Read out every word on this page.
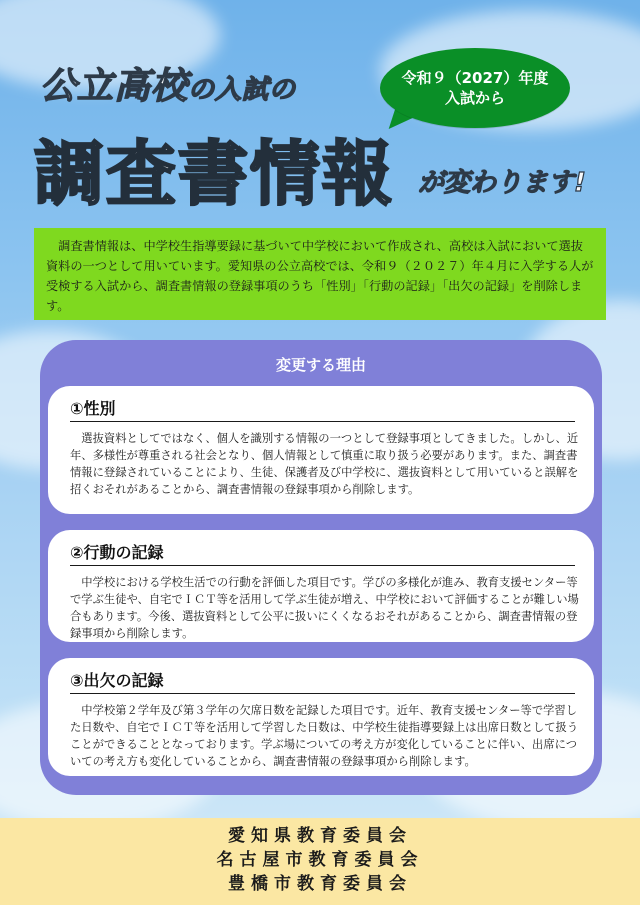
公立高校の入試の
調査書情報 が変わります!
令和９（2027）年度
入試から
　調査書情報は、中学校生指導要録に基づいて中学校において作成され、高校は入試において選抜資料の一つとして用いています。愛知県の公立高校では、令和９（２０２７）年４月に入学する人が受検する入試から、調査書情報の登録事項のうち「性別」「行動の記録」「出欠の記録」を削除します。
変更する理由
①性別
　選抜資料としてではなく、個人を識別する情報の一つとして登録事項としてきました。しかし、近年、多様性が尊重される社会となり、個人情報として慎重に取り扱う必要があります。また、調査書情報に登録されていることにより、生徒、保護者及び中学校に、選抜資料として用いていると誤解を招くおそれがあることから、調査書情報の登録事項から削除します。
②行動の記録
　中学校における学校生活での行動を評価した項目です。学びの多様化が進み、教育支援センター等で学ぶ生徒や、自宅でＩＣＴ等を活用して学ぶ生徒が増え、中学校において評価することが難しい場合もあります。今後、選抜資料として公平に扱いにくくなるおそれがあることから、調査書情報の登録事項から削除します。
③出欠の記録
　中学校第２学年及び第３学年の欠席日数を記録した項目です。近年、教育支援センター等で学習した日数や、自宅でＩＣＴ等を活用して学習した日数は、中学校生徒指導要録上は出席日数として扱うことができることとなっております。学ぶ場についての考え方が変化していることに伴い、出席についての考え方も変化していることから、調査書情報の登録事項から削除します。
愛知県教育委員会
名古屋市教育委員会
豊橋市教育委員会
